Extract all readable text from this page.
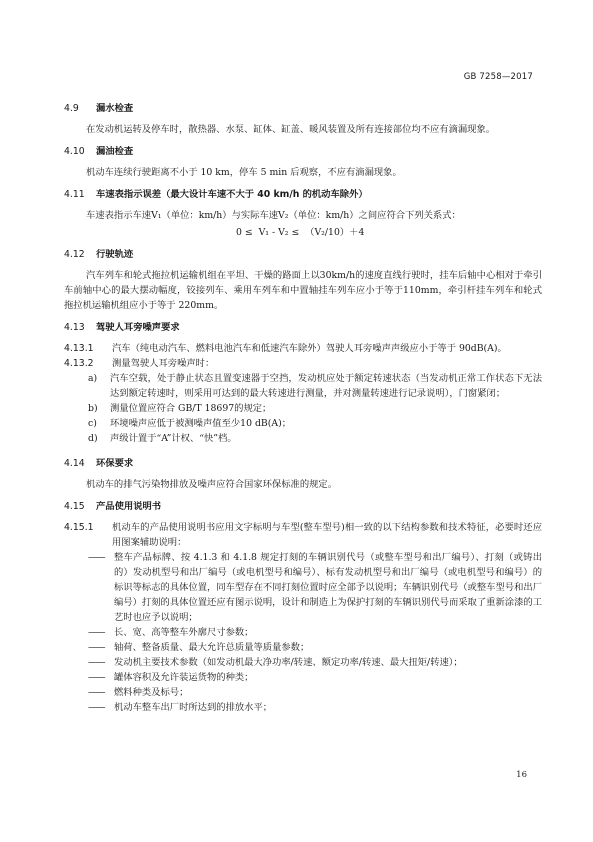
GB 7258—2017
4.9	漏水检查

在发动机运转及停车时，散热器、水泵、缸体、缸盖、暖风装置及所有连接部位均不应有滴漏现象。

4.10	漏油检查

机动车连续行驶距离不小于 10 km，停车 5 min 后观察，不应有滴漏现象。

4.11	车速表指示误差（最大设计车速不大于 40 km/h 的机动车除外）

车速表指示车速V₁（单位：km/h）与实际车速V₂（单位：km/h）之间应符合下列关系式：

0 ≤  V₁ - V₂ ≤  （V₂/10）＋4

4.12	行驶轨迹

汽车列车和轮式拖拉机运输机组在平坦、干燥的路面上以30km/h的速度直线行驶时，挂车后轴中心相对于牵引车前轴中心的最大摆动幅度，铰接列车、乘用车列车和中置轴挂车列车应小于等于110mm，牵引杆挂车列车和轮式拖拉机运输机组应小于等于 220mm。

4.13	驾驶人耳旁噪声要求
4.13.1	汽车（纯电动汽车、燃料电池汽车和低速汽车除外）驾驶人耳旁噪声声级应小于等于 90dB(A)。
4.13.2	测量驾驶人耳旁噪声时：
a)	汽车空载，处于静止状态且置变速器于空挡，发动机应处于额定转速状态（当发动机正常工作状态下无法达到额定转速时，则采用可达到的最大转速进行测量，并对测量转速进行记录说明），门窗紧闭；
b)	测量位置应符合 GB/T 18697的规定；
c)	环境噪声应低于被测噪声值至少10 dB(A)；
d)	声级计置于“A”计权、“快”档。
4.14	环保要求

机动车的排气污染物排放及噪声应符合国家环保标准的规定。

4.15	产品使用说明书
4.15.1	机动车的产品使用说明书应用文字标明与车型(整车型号)相一致的以下结构参数和技术特征，必要时还应用图案辅助说明：
——	整车产品标牌、按 4.1.3 和 4.1.8 规定打刻的车辆识别代号（或整车型号和出厂编号）、打刻（或铸出的）发动机型号和出厂编号（或电机型号和编号）、标有发动机型号和出厂编号（或电机型号和编号）的标识等标志的具体位置，同车型存在不同打刻位置时应全部予以说明；车辆识别代号（或整车型号和出厂编号）打刻的具体位置还应有图示说明，设计和制造上为保护打刻的车辆识别代号而采取了重新涂漆的工艺时也应予以说明；
——	长、宽、高等整车外廓尺寸参数；
——	轴荷、整备质量、最大允许总质量等质量参数；
——	发动机主要技术参数（如发动机最大净功率/转速、额定功率/转速、最大扭矩/转速）；
——	罐体容积及允许装运货物的种类；
——	燃料种类及标号；
——	机动车整车出厂时所达到的排放水平；
16
